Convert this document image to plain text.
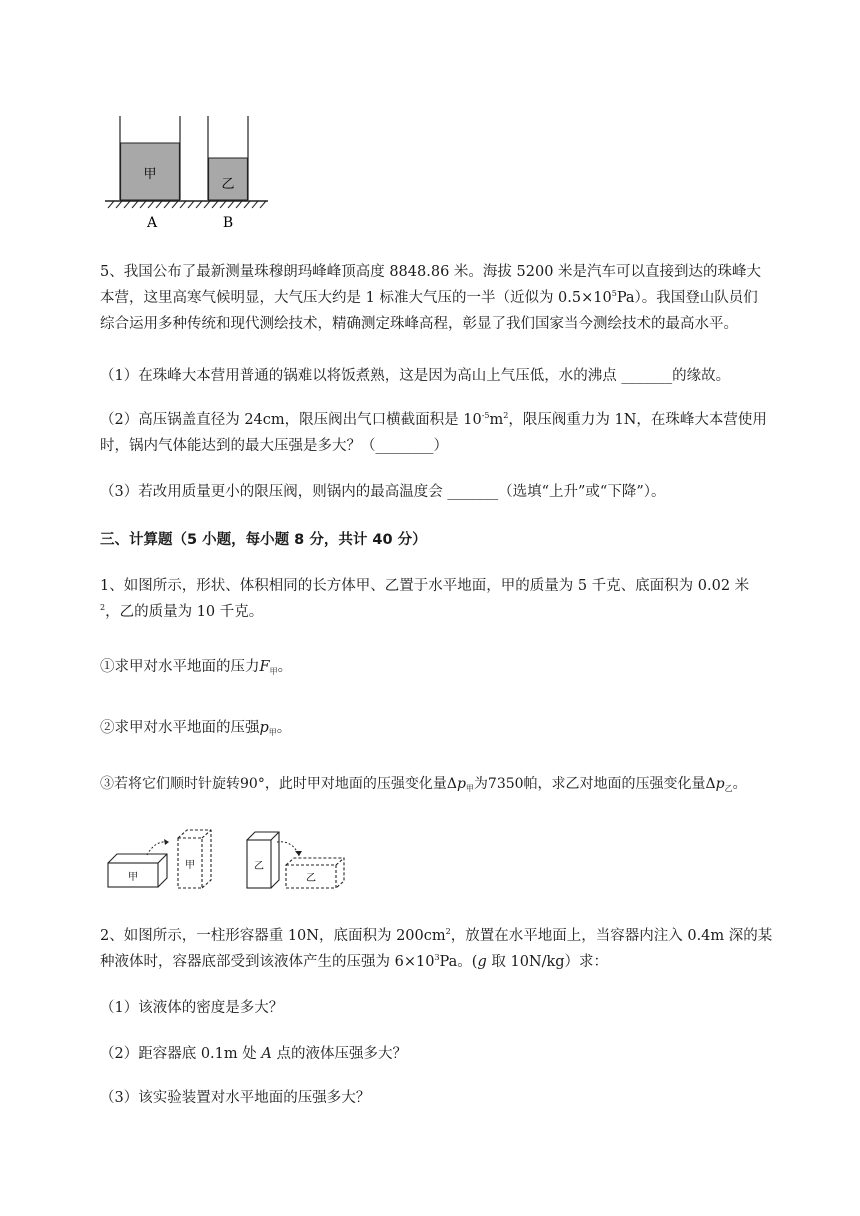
甲
乙
A	B
5、我国公布了最新测量珠穆朗玛峰峰顶高度 8848.86 米。海拔 5200 米是汽车可以直接到达的珠峰大
本营，这里高寒气候明显，大气压大约是 1 标准大气压的一半（近似为 $0.5\times 10^5Pa$）。我国登山队员们
综合运用多种传统和现代测绘技术，精确测定珠峰高程，彰显了我们国家当今测绘技术的最高水平。
（1）在珠峰大本营用普通的锅难以将饭煮熟，这是因为高山上气压低，水的沸点 _______的缘故。
（2）高压锅盖直径为 24cm，限压阀出气口横截面积是 $10^{-5}m^2$，限压阀重力为 1N，在珠峰大本营使用
时，锅内气体能达到的最大压强是多大？（________）
（3）若改用质量更小的限压阀，则锅内的最高温度会 _______（选填“上升”或“下降”）。
三、计算题（5 小题，每小题 8 分，共计 40 分）
1、如图所示，形状、体积相同的长方体甲、乙置于水平地面，甲的质量为 5 千克、底面积为 0.02 米
$^2$，乙的质量为 10 千克。
①求甲对水平地面的压力$F_甲$。
②求甲对水平地面的压强$p_甲$。
③若将它们顺时针旋转90°，此时甲对地面的压强变化量$\Delta p_甲$为7350帕，求乙对地面的压强变化量$\Delta p_乙$。
甲
甲	乙
乙
2、如图所示，一柱形容器重 10N，底面积为 $200cm^2$，放置在水平地面上，当容器内注入 0.4m 深的某
种液体时，容器底部受到该液体产生的压强为 $6\times 10^3Pa$。(g 取 10N/kg）求：
（1）该液体的密度是多大？
（2）距容器底 0.1m 处 A 点的液体压强多大？
（3）该实验装置对水平地面的压强多大？
